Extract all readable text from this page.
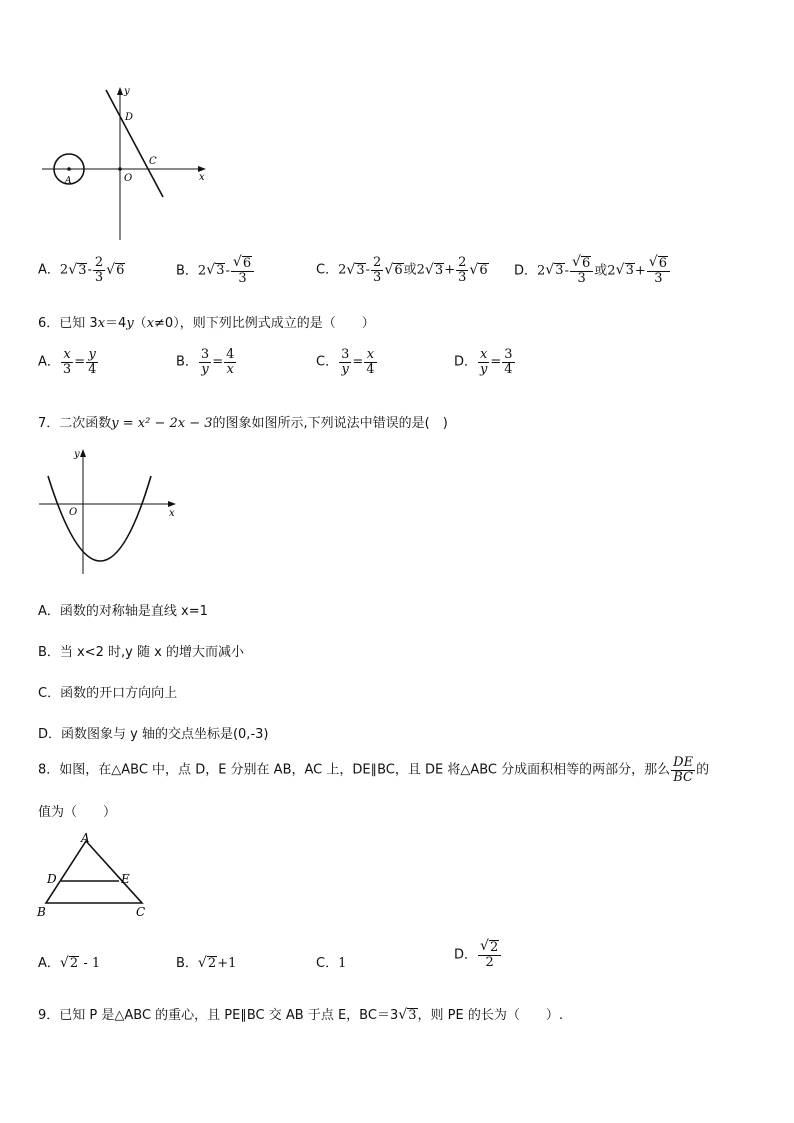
y
x
D
C
O
A
A．2 √ $3- \frac{2}{3}$ √ 6	B．2 √ 3- √ $\frac{6}{3}$	C．2 √ $3- \frac{2}{3}$ √ 6或2 √ $3+ \frac{2}{3}$ √ 6 D．2 √ 3- √ $\frac{6}{3}$ 或2 √ 3+ √ $\frac{6}{3}$
6．已知 3x＝4y（x≠0），则下列比例式成立的是（　　）
A． $\frac{x}{3} = \frac{y}{4}$	B． $\frac{3}{y} = \frac{4}{x}$	C． $\frac{3}{y} = \frac{x}{4}$	D． $\frac{x}{y} = \frac{3}{4}$
7．二次函数y = x² − 2x − 3的图象如图所示,下列说法中错误的是(　)
y
x
O
A．函数的对称轴是直线 x=1
B．当 x<2 时,y 随 x 的增大而减小
C．函数的开口方向向上
D．函数图象与 y 轴的交点坐标是(0,-3)
8．如图，在△ABC 中，点 D，E 分别在 AB，AC 上，DE∥BC，且 DE 将△ABC 分成面积相等的两部分，那么 $\frac{DE}{BC}$ 的
值为（　　）
A
D	E
B	C
A． √ 2 - 1	B． √ 2+1	C．1
D． √ $\frac{2}{2}$
9．已知 P 是△ABC 的重心，且 PE∥BC 交 AB 于点 E，BC＝3 √ 3，则 PE 的长为（　　）.
